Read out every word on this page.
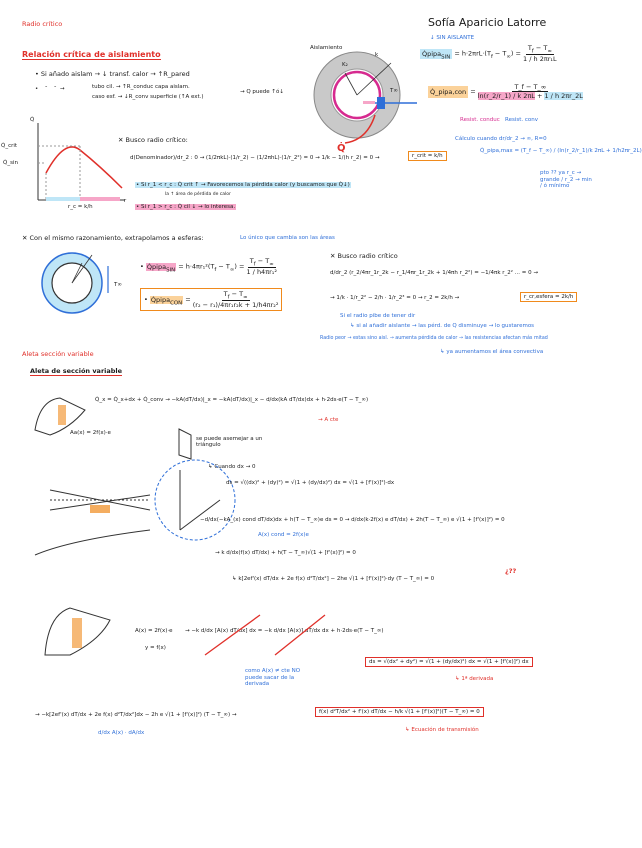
Radio crítico	Sofía Aparicio Latorre
Relación crítica de aislamiento
↓ SIN AISLANTE
• Si añado aislam → ↓ transf. calor → ↑R_pared
•    ″    ″  →	tubo cil. → ↑R_conduc capa aislam.
caso esf. → ↓R_conv superficie (↑A ext.)
→ Q puede ↑ó↓
Aislamiento
K₂
k
T∞
Q̇
Q̇pipa$_{SIN}$ = $h\cdot 2\pi rL\cdot(T_f - T_\infty) = \frac{T_f - T_\infty}{\text{1 / h 2πr₁L}}$
Q̇_pipa,con = $\frac{T\_f - T\_\infty}{\ln(r\_2/r\_1) / k 2\pi L + 1 / h 2\pi r\_2L}$
Resist. conduc Resist. conv
Cálculo cuando dr/dr_2 → ∞, R=0
Q̇_pipa,max = (T_f − T_∞) / (ln(r_2/r_1)/k 2πL + 1/h2πr_2L)
pto ?? ya r_c → grande / r_2 → min / ó mínimo
Q̇
Q̇_crit
Q̇_sin
r_c = k/h
r
✕ Busco radio crítico:
d(Denominador)/dr_2 : 0 → (1/2πkL)·(1/r_2) − (1/2πhL)·(1/r_2²) = 0 → 1/k − 1/(h r_2) = 0 →	r_crit = k/h
• Si r_1 < r_c : Q̇ crit ↑ → Favorecemos la pérdida calor (y buscamos que Q̇↓)
la ↑ área de pérdida de calor
• Si r_1 > r_c : Q̇ cil ↓ → lo interesa.
✕ Con el mismo razonamiento, extrapolamos a esferas:	Lo único que cambia son las áreas
T∞
• Q̇pipa$_{SIN}$ = $h\cdot 4\pi r_1^2(T_f - T_\infty) = \frac{T_f - T_\infty}{\text{1 / h4πr₁²}}$
• Q̇pipa$_{CON}$ = $\frac{T_f - T_\infty}{\text{(r₂ − r₁)/4πr₁r₂k + 1/h4πr₂²}}$
✕ Busco radio crítico
d/dr_2 (r_2/4πr_1r_2k − r_1/4πr_1r_2k + 1/4πh r_2²) = −1/4πk r_2² ... = 0 →
→ 1/k · 1/r_2² − 2/h · 1/r_2³ = 0 → r_2 = 2k/h →	r_cr,esfera = 2k/h
Si el radio pibe de tener dir
↳ si al añadir aislante → las pérd. de Q disminuye → lo gustaremos
Radio peor → estas sino aisl. → aumenta pérdida de calor → las resistencias afectan más mitad
↳ ya aumentamos el área convectiva
Aleta sección variable
Aleta de sección variable
Q̇_x = Q̇_x+dx + Q̇_conv → −kA(dT/dx)|_x = −kA(dT/dx)|_x − d/dx(kA dT/dx)dx + h·2ds·e(T − T_∞)
→ A cte
Aa(x) = 2f(x)·e
se puede asemejar a un triángulo
↳ Cuando dx → 0
ds = √((dx)² + (dy)²) = √(1 + (dy/dx)²) dx = √(1 + [f'(x)]²)·dx
−d/dx(−kA_(x) cond dT/dx)dx + h(T − T_∞)e ds = 0 → d/dx(k·2f(x) e dT/dx) + 2h(T − T_∞) e √(1 + [f'(x)]²) = 0
A(x) cond = 2f(x)e
→ k d/dx(f(x) dT/dx) + h(T − T_∞)√(1 + [f'(x)]²) = 0
↳ k[2ef'(x) dT/dx + 2e f(x) d²T/dx²] − 2he √(1 + [f'(x)]²)·dy (T − T_∞) = 0
¿??
A(x) = 2f(x)·e
y = f(x)
→ −k d/dx [A(x) dT/dx] dx = −k d/dx [A(x)] dT/dx dx + h·2ds·e(T − T_∞)
como A(x) ≠ cte NO puede sacar de la derivada
ds = √(dx² + dy²) = √(1 + (dy/dx)²) dx = √(1 + [f'(x)]²) dx
↳ 1ª derivada
→ −k[2ef'(x) dT/dx + 2e f(x) d²T/dx²]dx − 2h e √(1 + [f'(x)]²) (T − T_∞) →	f(x) d²T/dx² + f'(x) dT/dx − h/k √(1 + [f'(x)]²)(T − T_∞) = 0
↳ Ecuación de transmisión
d/dx A(x) · dA/dx
